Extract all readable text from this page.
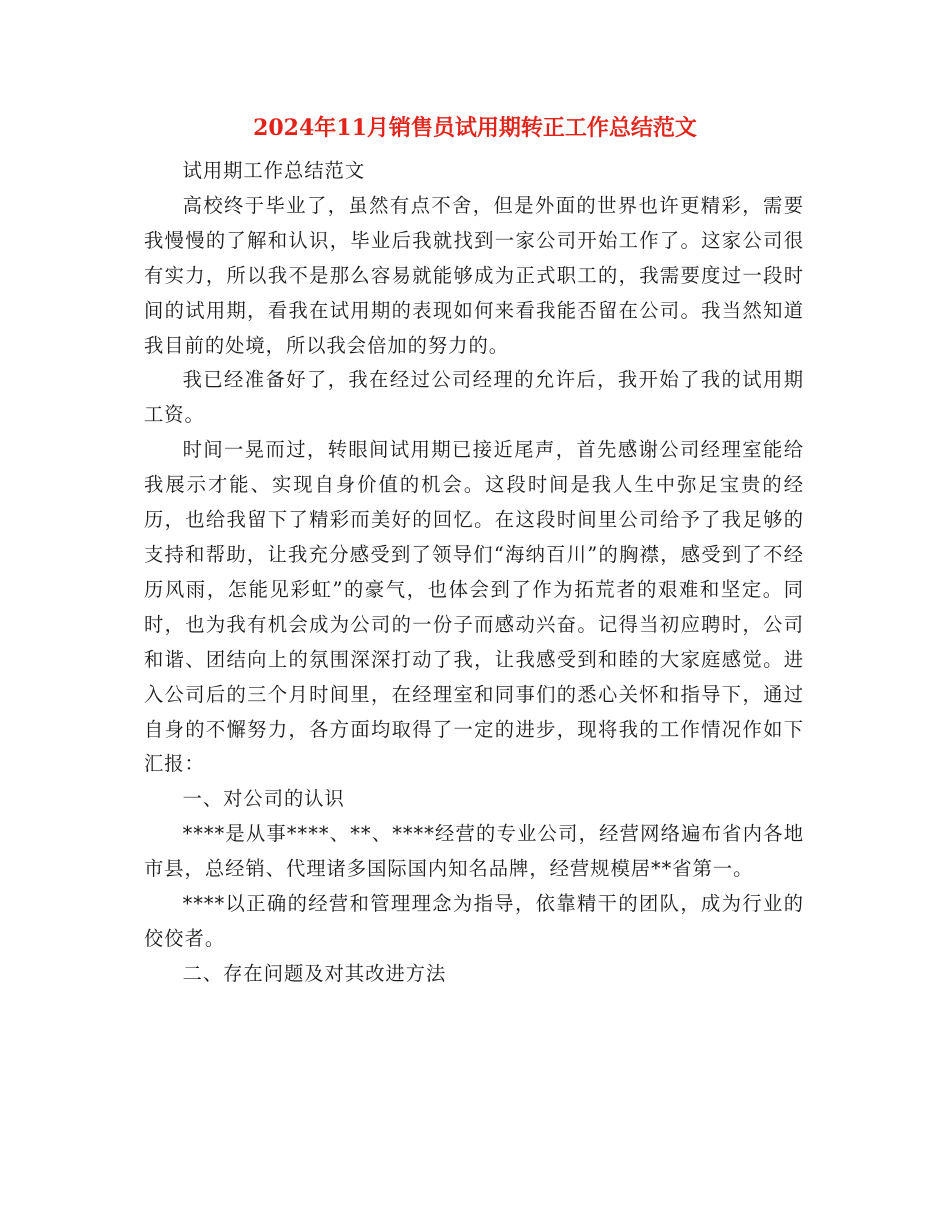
2024年11月销售员试用期转正工作总结范文

试用期工作总结范文

高校终于毕业了，虽然有点不舍，但是外面的世界也许更精彩，需要我慢慢的了解和认识，毕业后我就找到一家公司开始工作了。这家公司很有实力，所以我不是那么容易就能够成为正式职工的，我需要度过一段时间的试用期，看我在试用期的表现如何来看我能否留在公司。我当然知道我目前的处境，所以我会倍加的努力的。

我已经准备好了，我在经过公司经理的允许后，我开始了我的试用期工资。

时间一晃而过，转眼间试用期已接近尾声，首先感谢公司经理室能给我展示才能、实现自身价值的机会。这段时间是我人生中弥足宝贵的经历，也给我留下了精彩而美好的回忆。在这段时间里公司给予了我足够的支持和帮助，让我充分感受到了领导们“海纳百川”的胸襟，感受到了不经历风雨，怎能见彩虹”的豪气，也体会到了作为拓荒者的艰难和坚定。同时，也为我有机会成为公司的一份子而感动兴奋。记得当初应聘时，公司和谐、团结向上的氛围深深打动了我，让我感受到和睦的大家庭感觉。进入公司后的三个月时间里，在经理室和同事们的悉心关怀和指导下，通过自身的不懈努力，各方面均取得了一定的进步，现将我的工作情况作如下汇报：

一、对公司的认识

****是从事****、**、****经营的专业公司，经营网络遍布省内各地市县，总经销、代理诸多国际国内知名品牌，经营规模居**省第一。

****以正确的经营和管理理念为指导，依靠精干的团队，成为行业的佼佼者。

二、存在问题及对其改进方法
